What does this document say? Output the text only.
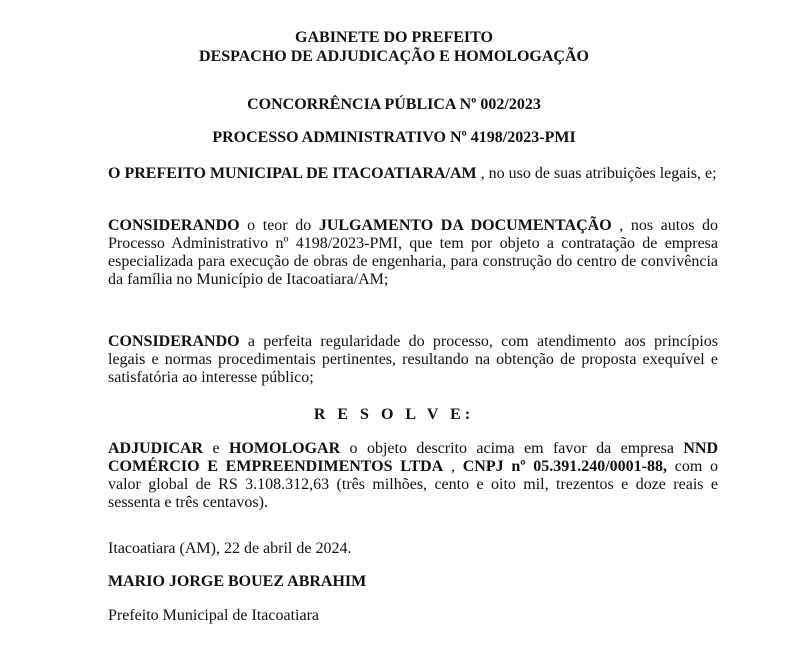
GABINETE DO PREFEITO
DESPACHO DE ADJUDICAÇÃO E HOMOLOGAÇÃO
CONCORRÊNCIA PÚBLICA Nº 002/2023
PROCESSO ADMINISTRATIVO Nº 4198/2023-PMI
O PREFEITO MUNICIPAL DE ITACOATIARA/AM , no uso de suas atribuições legais, e;
CONSIDERANDO o teor do JULGAMENTO DA DOCUMENTAÇÃO , nos autos do Processo Administrativo nº 4198/2023-PMI, que tem por objeto a contratação de empresa especializada para execução de obras de engenharia, para construção do centro de convivência da família no Município de Itacoatiara/AM;
CONSIDERANDO a perfeita regularidade do processo, com atendimento aos princípios legais e normas procedimentais pertinentes, resultando na obtenção de proposta exequível e satisfatória ao interesse público;
R E S O L V E:
ADJUDICAR e HOMOLOGAR o objeto descrito acima em favor da empresa NND COMÉRCIO E EMPREENDIMENTOS LTDA , CNPJ nº 05.391.240/0001-88, com o valor global de RS 3.108.312,63 (três milhões, cento e oito mil, trezentos e doze reais e sessenta e três centavos).
Itacoatiara (AM), 22 de abril de 2024.
MARIO JORGE BOUEZ ABRAHIM
Prefeito Municipal de Itacoatiara
